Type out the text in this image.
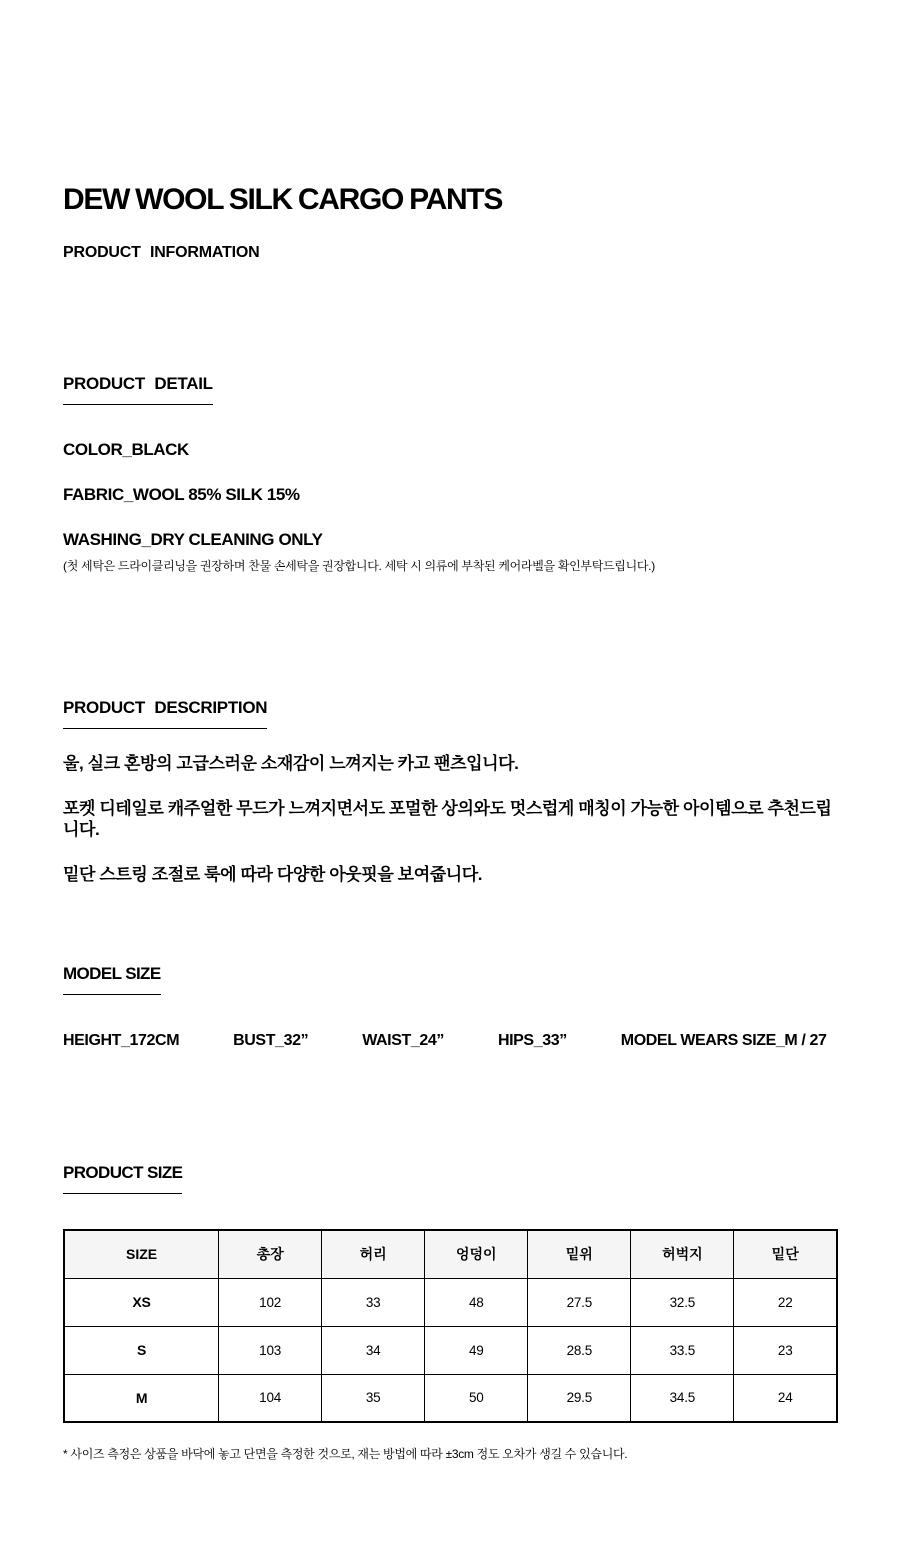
DEW WOOL SILK CARGO PANTS
PRODUCT INFORMATION
PRODUCT DETAIL
COLOR_BLACK
FABRIC_WOOL 85% SILK 15%
WASHING_DRY CLEANING ONLY
(첫 세탁은 드라이클리닝을 권장하며 찬물 손세탁을 권장합니다. 세탁 시 의류에 부착된 케어라벨을 확인부탁드립니다.)
PRODUCT DESCRIPTION

울, 실크 혼방의 고급스러운 소재감이 느껴지는 카고 팬츠입니다.

포켓 디테일로 캐주얼한 무드가 느껴지면서도 포멀한 상의와도 멋스럽게 매칭이 가능한 아이템으로 추천드립니다.

밑단 스트링 조절로 룩에 따라 다양한 아웃핏을 보여줍니다.

MODEL SIZE
HEIGHT_172CM	BUST_32”	WAIST_24”	HIPS_33”	MODEL WEARS SIZE_M / 27
PRODUCT SIZE
SIZE	총장	허리	엉덩이	밑위	허벅지	밑단
XS	102	33	48	27.5	32.5	22
S	103	34	49	28.5	33.5	23
M	104	35	50	29.5	34.5	24
* 사이즈 측정은 상품을 바닥에 놓고 단면을 측정한 것으로, 재는 방법에 따라 ±3cm 정도 오차가 생길 수 있습니다.
